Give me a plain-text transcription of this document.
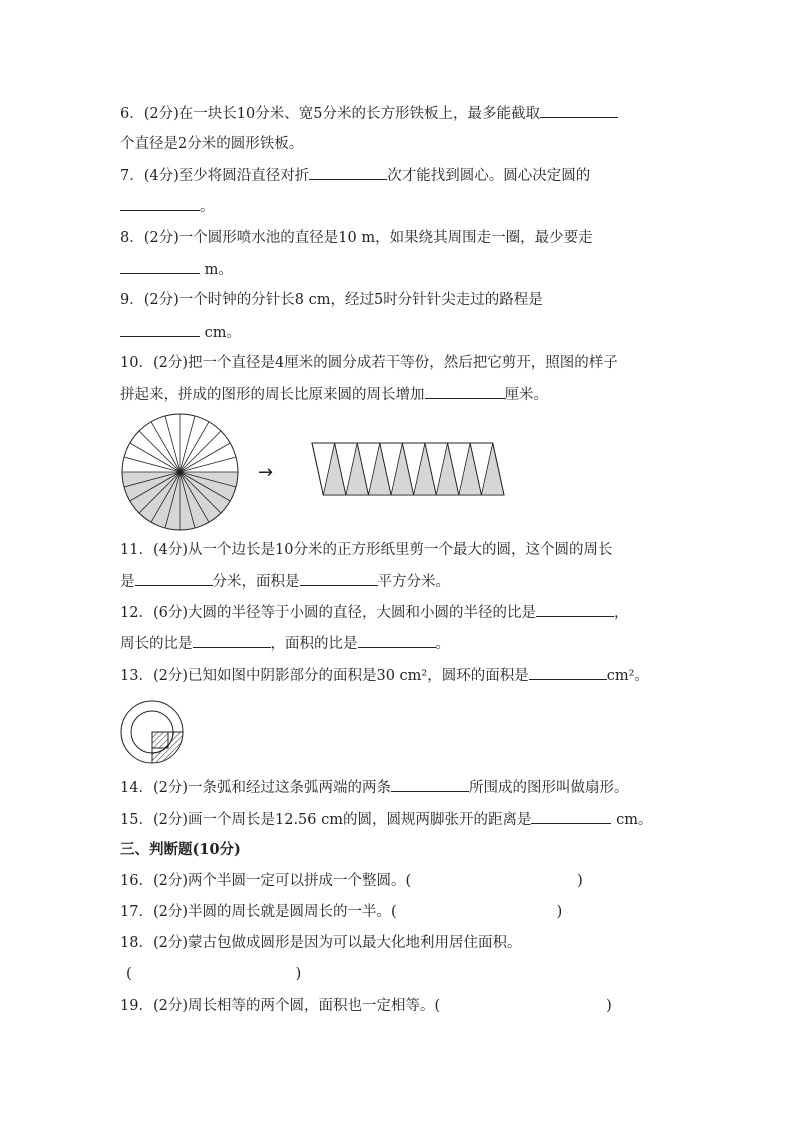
6．(2分)在一块长10分米、宽5分米的长方形铁板上，最多能截取
个直径是2分米的圆形铁板。
7．(4分)至少将圆沿直径对折	次才能找到圆心。圆心决定圆的
。
8．(2分)一个圆形喷水池的直径是10 m，如果绕其周围走一圈，最少要走
m。
9．(2分)一个时钟的分针长8 cm，经过5时分针针尖走过的路程是
cm。
10．(2分)把一个直径是4厘米的圆分成若干等份，然后把它剪开，照图的样子
拼起来，拼成的图形的周长比原来圆的周长增加	厘米。
→
11．(4分)从一个边长是10分米的正方形纸里剪一个最大的圆，这个圆的周长
是	分米，面积是	平方分米。
12．(6分)大圆的半径等于小圆的直径，大圆和小圆的半径的比是	，
周长的比是	，面积的比是	。
13．(2分)已知如图中阴影部分的面积是30 cm²，圆环的面积是	cm²。
14．(2分)一条弧和经过这条弧两端的两条	所围成的图形叫做扇形。
15．(2分)画一个周长是12.56 cm的圆，圆规两脚张开的距离是	cm。
三、判断题(10分)
16．(2分)两个半圆一定可以拼成一个整圆。(	)
17．(2分)半圆的周长就是圆周长的一半。(	)
18．(2分)蒙古包做成圆形是因为可以最大化地利用居住面积。
(	)
19．(2分)周长相等的两个圆，面积也一定相等。(	)
